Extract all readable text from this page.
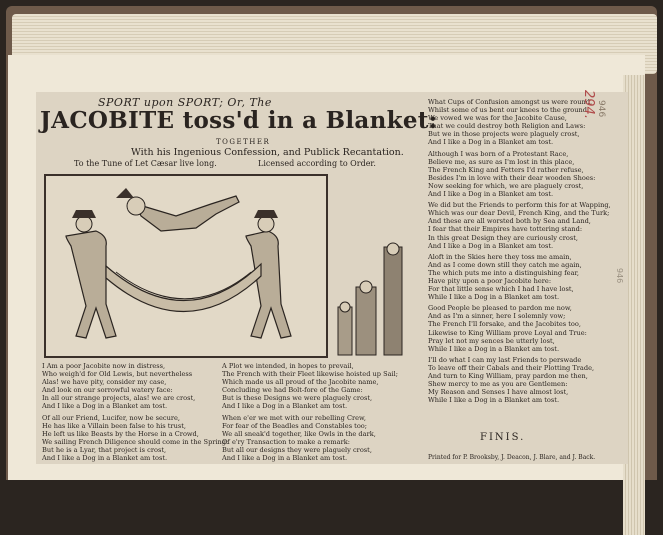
SPORT upon SPORT; Or, The
JACOBITE toss'd in a Blanket:
TOGETHER
With his Ingenious Confession, and Publick Recantation.
To the Tune of Let Cæsar live long.	Licensed according to Order.
I Am a poor Jacobite now in distress,
Who weigh'd for Old Lewis, but nevertheless
Alas! we have pity, consider my case,
And look on our sorrowful watery face:
In all our strange projects, alas! we are crost,
And I like a Dog in a Blanket am tost.

Of all our Friend, Lucifer, now be secure,
He has like a Villain been false to his trust,
He left us like Beasts by the Horse in a Crowd,
We sailing French Diligence should come in the Spring:
But he is a Lyar, that project is crost,
And I like a Dog in a Blanket am tost.
A Plot we intended, in hopes to prevail,
The French with their Fleet likewise hoisted up Sail;
Which made us all proud of the Jacobite name,
Concluding we had Bolt-fore of the Game:
But is these Designs we were plaguely crost,
And I like a Dog in a Blanket am tost.

When e'er we met with our rebelling Crew,
For fear of the Beadles and Constables too;
We all sneak'd together, like Owls in the dark,
Of e'ry Transaction to make a remark:
But all our designs they were plaguely crost,
And I like a Dog in a Blanket am tost.
What Cups of Confusion amongst us were round,
Whilst some of us bent our knees to the ground,
We vowed we was for the Jacobite Cause,
That we could destroy both Religion and Laws:
But we in those projects were plaguely crost,
And I like a Dog in a Blanket am tost.

Although I was born of a Protestant Race,
Believe me, as sure as I'm lost in this place,
The French King and Fetters I'd rather refuse,
Besides I'm in love with their dear wooden Shoes:
Now seeking for which, we are plaguely crost,
And I like a Dog in a Blanket am tost.

We did but the Friends to perform this for at Wapping,
Which was our dear Devil, French King, and the Turk;
And these are all worsted both by Sea and Land,
I fear that their Empires have tottering stand:
In this great Design they are curiously crost,
And I like a Dog in a Blanket am tost.

Aloft in the Skies here they toss me amain,
And as I come down still they catch me again,
The which puts me into a distinguishing fear,
Have pity upon a poor Jacobite here:
For that little sense which I had I have lost,
While I like a Dog in a Blanket am tost.

Good People be pleased to pardon me now,
And as I'm a sinner, here I solemnly vow;
The French I'll forsake, and the Jacobites too,
Likewise to King William prove Loyal and True:
Pray let not my sences be utterly lost,
While I like a Dog in a Blanket am tost.

I'll do what I can my last Friends to perswade
To leave off their Cabals and their Plotting Trade,
And turn to King William, pray pardon me then,
Shew mercy to me as you are Gentlemen:
My Reason and Senses I have almost lost,
While I like a Dog in a Blanket am tost.
FINIS.
Printed for P. Brooksby, J. Deacon, J. Blare, and J. Back.
294. 946
946
